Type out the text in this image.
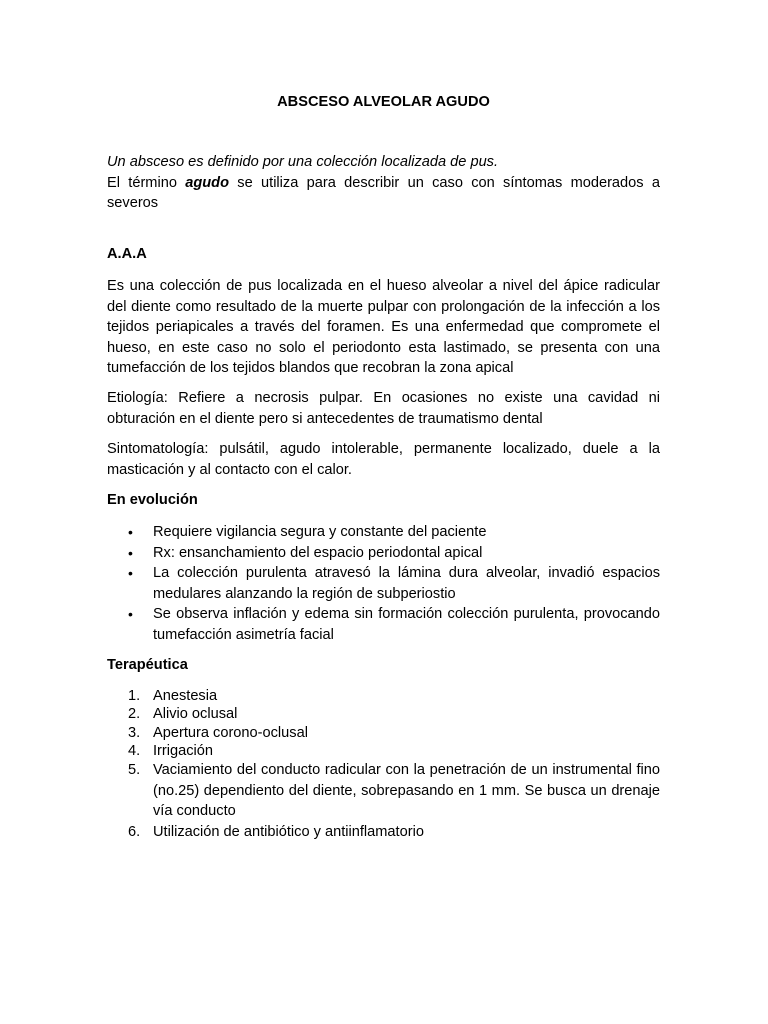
ABSCESO ALVEOLAR AGUDO
Un absceso es definido por una colección localizada de pus.
El término agudo se utiliza para describir un caso con síntomas moderados a severos
A.A.A

Es una colección de pus localizada en el hueso alveolar a nivel del ápice radicular del diente como resultado de la muerte pulpar con prolongación de la infección a los tejidos periapicales a través del foramen. Es una enfermedad que compromete el hueso, en este caso no solo el periodonto esta lastimado, se presenta con una tumefacción de los tejidos blandos que recobran la zona apical

Etiología: Refiere a necrosis pulpar. En ocasiones no existe una cavidad ni obturación en el diente pero si antecedentes de traumatismo dental

Sintomatología: pulsátil, agudo intolerable, permanente localizado, duele a la masticación y al contacto con el calor.

En evolución
• Requiere vigilancia segura y constante del paciente
• Rx: ensanchamiento del espacio periodontal apical
• La colección purulenta atravesó la lámina dura alveolar, invadió espacios medulares alanzando la región de subperiostio
• Se observa inflación y edema sin formación colección purulenta, provocando tumefacción asimetría facial
Terapéutica
1. Anestesia
2. Alivio oclusal
3. Apertura corono-oclusal
4. Irrigación
5. Vaciamiento del conducto radicular con la penetración de un instrumental fino (no.25) dependiento del diente, sobrepasando en 1 mm. Se busca un drenaje vía conducto
6. Utilización de antibiótico y antiinflamatorio
